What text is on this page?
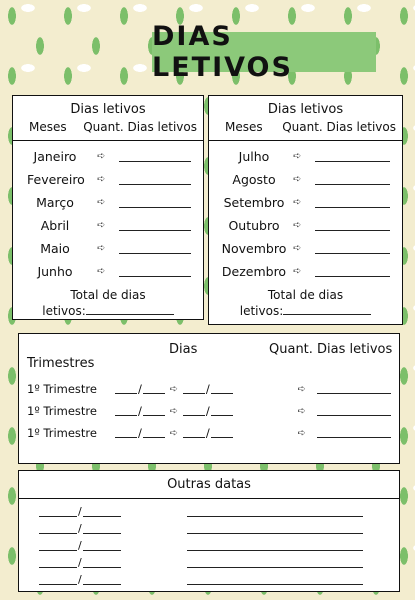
DIAS LETIVOS
Dias letivos
Meses Quant. Dias letivos
Janeiro	➪
Fevereiro ➪
Março	➪
Abril	➪
Maio	➪
Junho	➪
Total de dias
letivos:
Dias letivos
Meses Quant. Dias letivos
Julho	➪
Agosto	➪
Setembro ➪
Outubro	➪
Novembro ➪
Dezembro ➪
Total de dias
letivos:
Dias	Quant. Dias letivos
Trimestres
1º Trimestre	/	➪	/	➪
1º Trimestre	/	➪	/	➪
1º Trimestre	/	➪	/	➪
Outras datas
/
/
/
/
/
